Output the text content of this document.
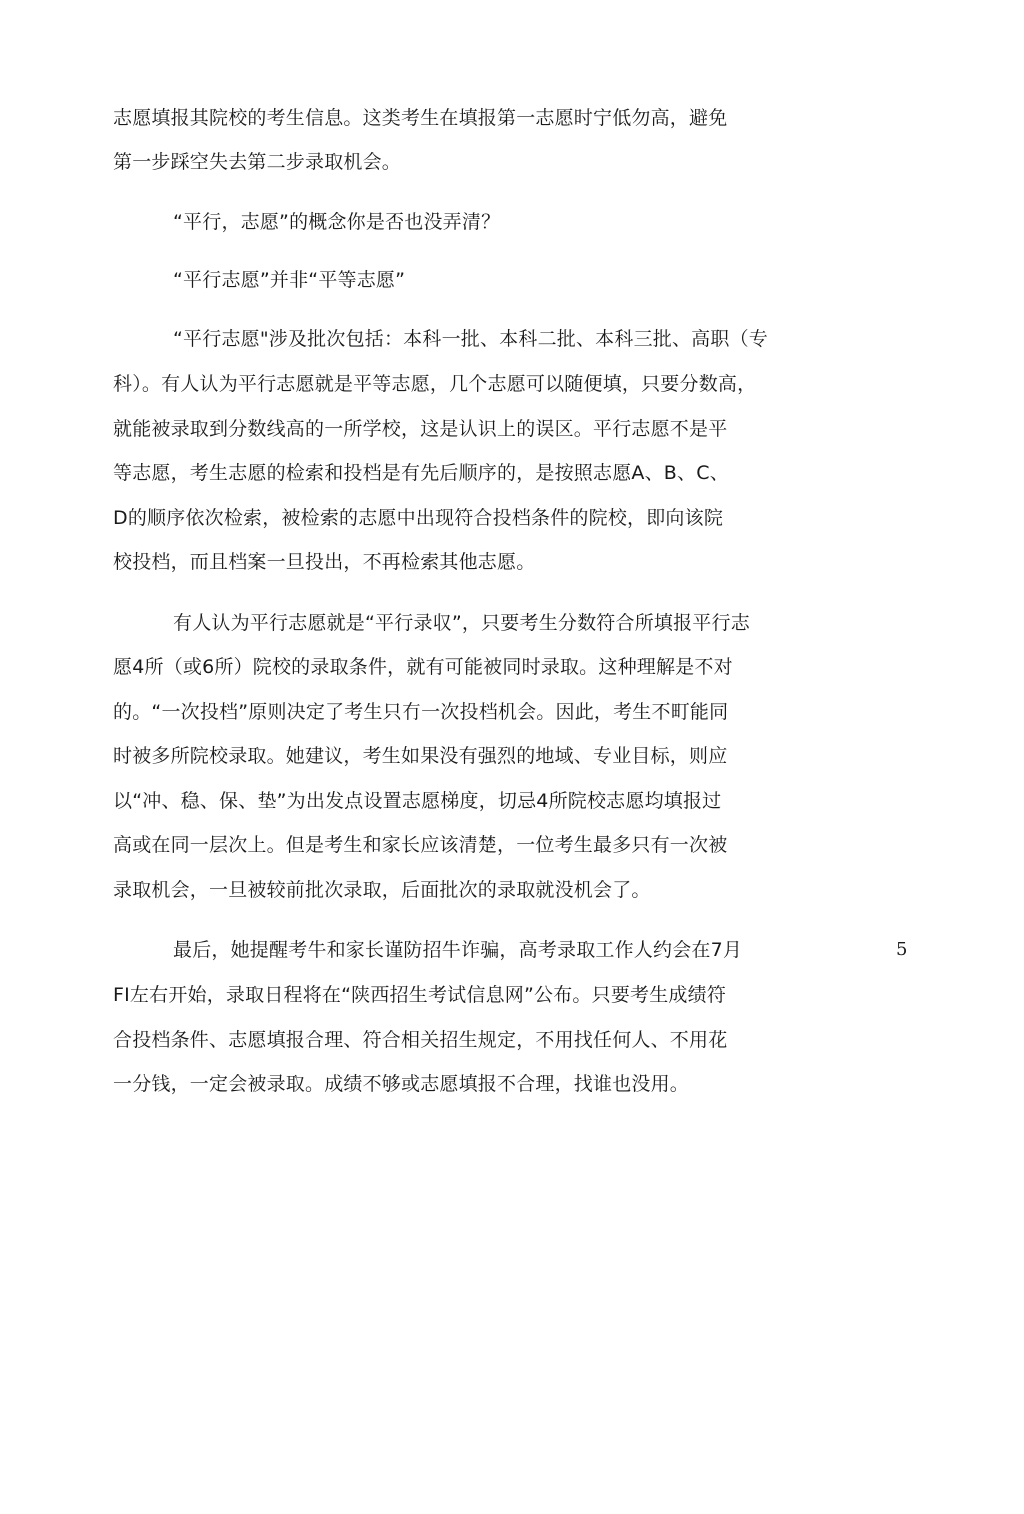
志愿填报其院校的考生信息。这类考生在填报第一志愿时宁低勿高，避免
第一步踩空失去第二步录取机会。
“平行，志愿”的概念你是否也没弄清？
“平行志愿”并非“平等志愿”
“平行志愿"涉及批次包括：本科一批、本科二批、本科三批、高职（专
科）。有人认为平行志愿就是平等志愿，几个志愿可以随便填，只要分数高，
就能被录取到分数线高的一所学校，这是认识上的误区。平行志愿不是平
等志愿，考生志愿的检索和投档是有先后顺序的，是按照志愿A、B、C、
D的顺序依次检索，被检索的志愿中出现符合投档条件的院校，即向该院
校投档，而且档案一旦投出，不再检索其他志愿。
有人认为平行志愿就是“平行录収”，只要考生分数符合所填报平行志
愿4所（或6所）院校的录取条件，就有可能被同时录取。这种理解是不对
的。“一次投档”原则决定了考生只冇一次投档机会。因此，考生不町能同
时被多所院校录取。她建议，考生如果没有强烈的地域、专业目标，则应
以“冲、稳、保、垫”为出发点设置志愿梯度，切忌4所院校志愿均填报过
高或在同一层次上。但是考生和家长应该清楚，一位考生最多只有一次被
录取机会，一旦被较前批次录取，后面批次的录取就没机会了。
最后，她提醒考牛和家长谨防招牛诈骗，高考录取工作人约会在7月
FI左右开始，录取日程将在“陕西招生考试信息网”公布。只要考生成绩符
合投档条件、志愿填报合理、符合相关招生规定，不用找任何人、不用花
一分钱，一定会被录取。成绩不够或志愿填报不合理，找谁也没用。
5
